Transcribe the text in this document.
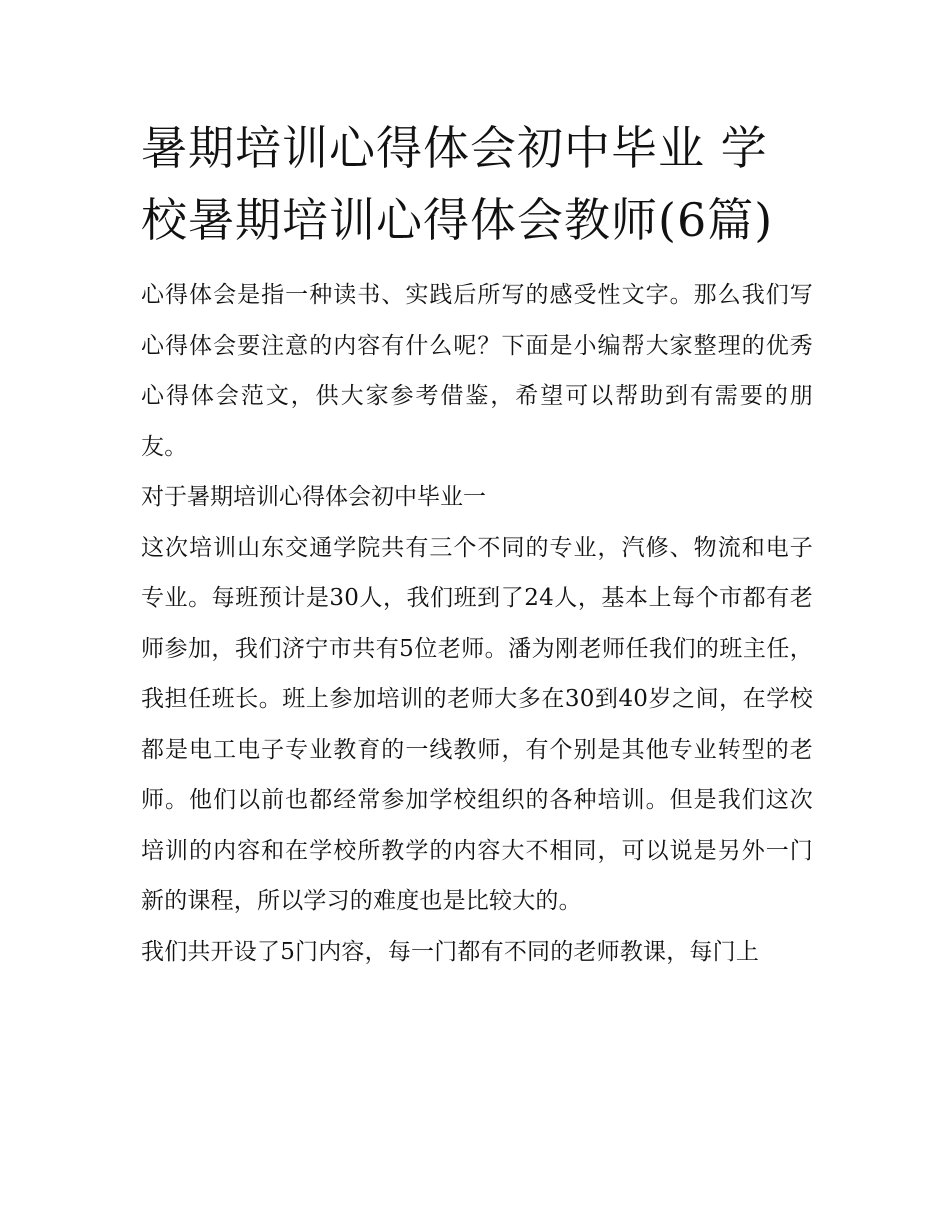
暑期培训心得体会初中毕业 学校暑期培训心得体会教师(6篇)

心得体会是指一种读书、实践后所写的感受性文字。那么我们写心得体会要注意的内容有什么呢？下面是小编帮大家整理的优秀心得体会范文，供大家参考借鉴，希望可以帮助到有需要的朋友。

对于暑期培训心得体会初中毕业一

这次培训山东交通学院共有三个不同的专业，汽修、物流和电子专业。每班预计是30人，我们班到了24人，基本上每个市都有老师参加，我们济宁市共有5位老师。潘为刚老师任我们的班主任，我担任班长。班上参加培训的老师大多在30到40岁之间，在学校都是电工电子专业教育的一线教师，有个别是其他专业转型的老师。他们以前也都经常参加学校组织的各种培训。但是我们这次培训的内容和在学校所教学的内容大不相同，可以说是另外一门新的课程，所以学习的难度也是比较大的。

我们共开设了5门内容，每一门都有不同的老师教课，每门上
